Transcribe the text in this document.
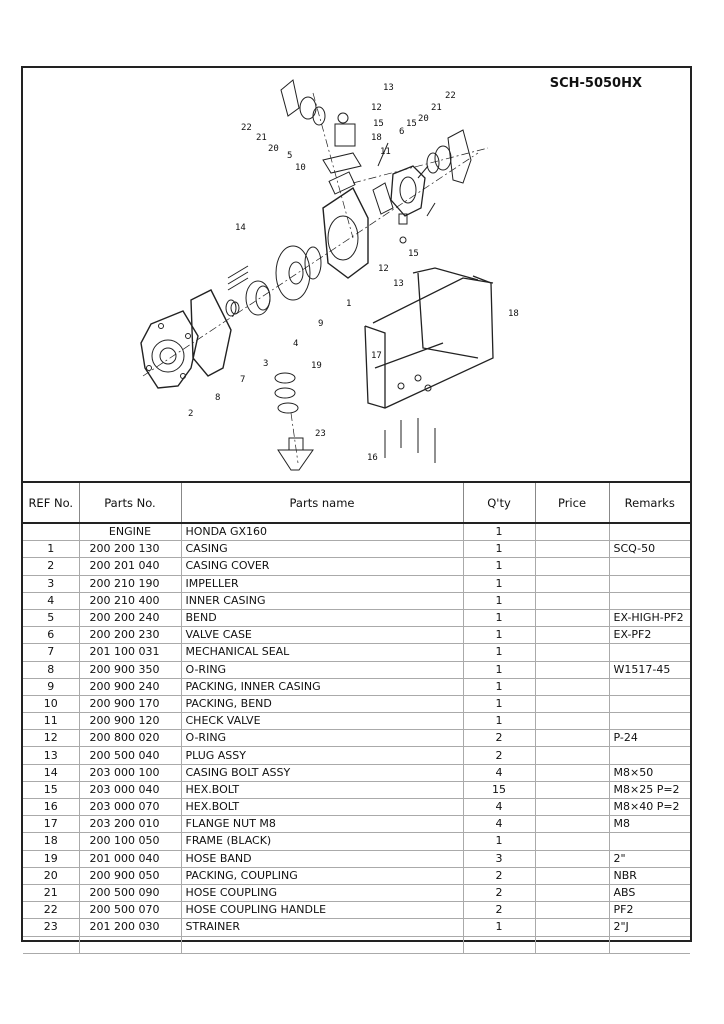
SCH-5050HX
1
2
3
4
5
6
7
8
9
10
11
12
12
13
13
14
15 15
15
16
17
18
18
19
20
20
21
21
22
22
23
REF No.	Parts No.	Parts name	Q'ty	Price	Remarks
	ENGINE	HONDA GX160	1		
1	200 200 130	CASING	1		SCQ-50
2	200 201 040	CASING COVER	1		
3	200 210 190	IMPELLER	1		
4	200 210 400	INNER CASING	1		
5	200 200 240	BEND	1		EX-HIGH-PF2
6	200 200 230	VALVE CASE	1		EX-PF2
7	201 100 031	MECHANICAL SEAL	1		
8	200 900 350	O-RING	1		W1517-45
9	200 900 240	PACKING, INNER CASING	1		
10	200 900 170	PACKING, BEND	1		
11	200 900 120	CHECK VALVE	1		
12	200 800 020	O-RING	2		P-24
13	200 500 040	PLUG ASSY	2		
14	203 000 100	CASING BOLT ASSY	4		M8×50
15	203 000 040	HEX.BOLT	15		M8×25 P=2
16	203 000 070	HEX.BOLT	4		M8×40 P=2
17	203 200 010	FLANGE NUT M8	4		M8
18	200 100 050	FRAME (BLACK)	1		
19	201 000 040	HOSE BAND	3		2"
20	200 900 050	PACKING, COUPLING	2		NBR
21	200 500 090	HOSE COUPLING	2		ABS
22	200 500 070	HOSE COUPLING HANDLE	2		PF2
23	201 200 030	STRAINER	1		2"J
